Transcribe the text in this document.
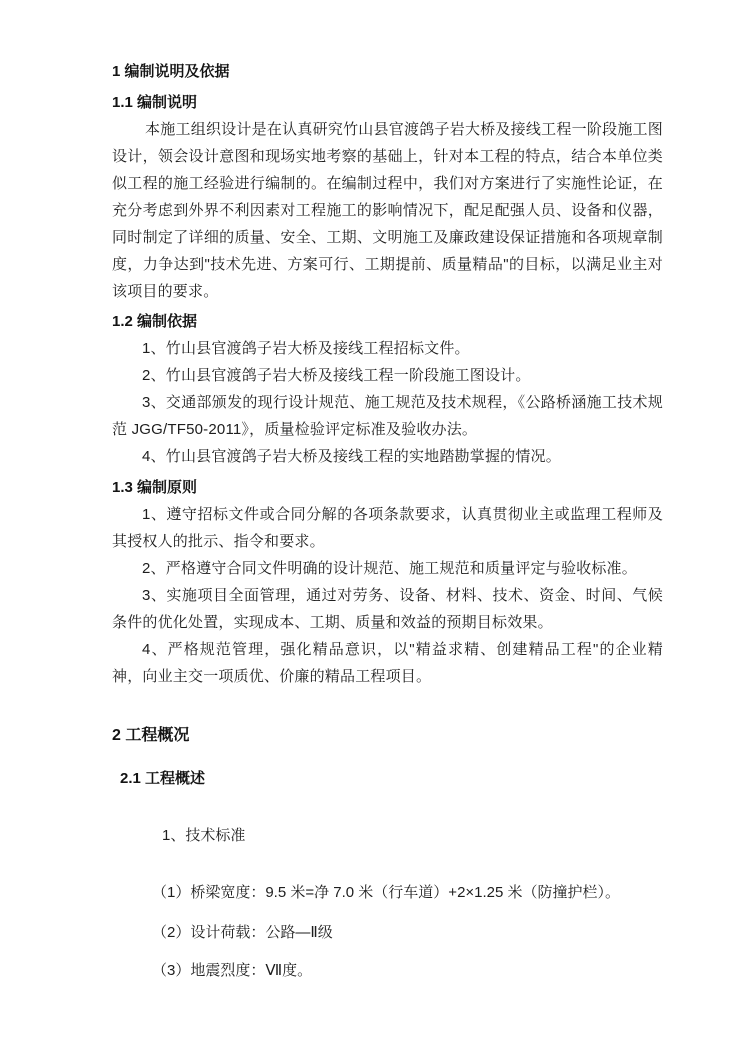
1 编制说明及依据
1.1 编制说明

本施工组织设计是在认真研究竹山县官渡鸽子岩大桥及接线工程一阶段施工图设计，领会设计意图和现场实地考察的基础上，针对本工程的特点，结合本单位类似工程的施工经验进行编制的。在编制过程中，我们对方案进行了实施性论证，在充分考虑到外界不利因素对工程施工的影响情况下，配足配强人员、设备和仪器，同时制定了详细的质量、安全、工期、文明施工及廉政建设保证措施和各项规章制度，力争达到"技术先进、方案可行、工期提前、质量精品"的目标，以满足业主对该项目的要求。

1.2 编制依据

1、竹山县官渡鸽子岩大桥及接线工程招标文件。

2、竹山县官渡鸽子岩大桥及接线工程一阶段施工图设计。

3、交通部颁发的现行设计规范、施工规范及技术规程，《公路桥涵施工技术规范 JGG/TF50-2011》，质量检验评定标准及验收办法。

4、竹山县官渡鸽子岩大桥及接线工程的实地踏勘掌握的情况。

1.3 编制原则

1、遵守招标文件或合同分解的各项条款要求，认真贯彻业主或监理工程师及其授权人的批示、指令和要求。

2、严格遵守合同文件明确的设计规范、施工规范和质量评定与验收标准。

3、实施项目全面管理，通过对劳务、设备、材料、技术、资金、时间、气候条件的优化处置，实现成本、工期、质量和效益的预期目标效果。

4、严格规范管理，强化精品意识，以"精益求精、创建精品工程"的企业精神，向业主交一项质优、价廉的精品工程项目。

2 工程概况
2.1 工程概述

1、技术标准

（1）桥梁宽度：9.5 米=净 7.0 米（行车道）+2×1.25 米（防撞护栏）。

（2）设计荷载：公路—Ⅱ级

（3）地震烈度：Ⅶ度。
